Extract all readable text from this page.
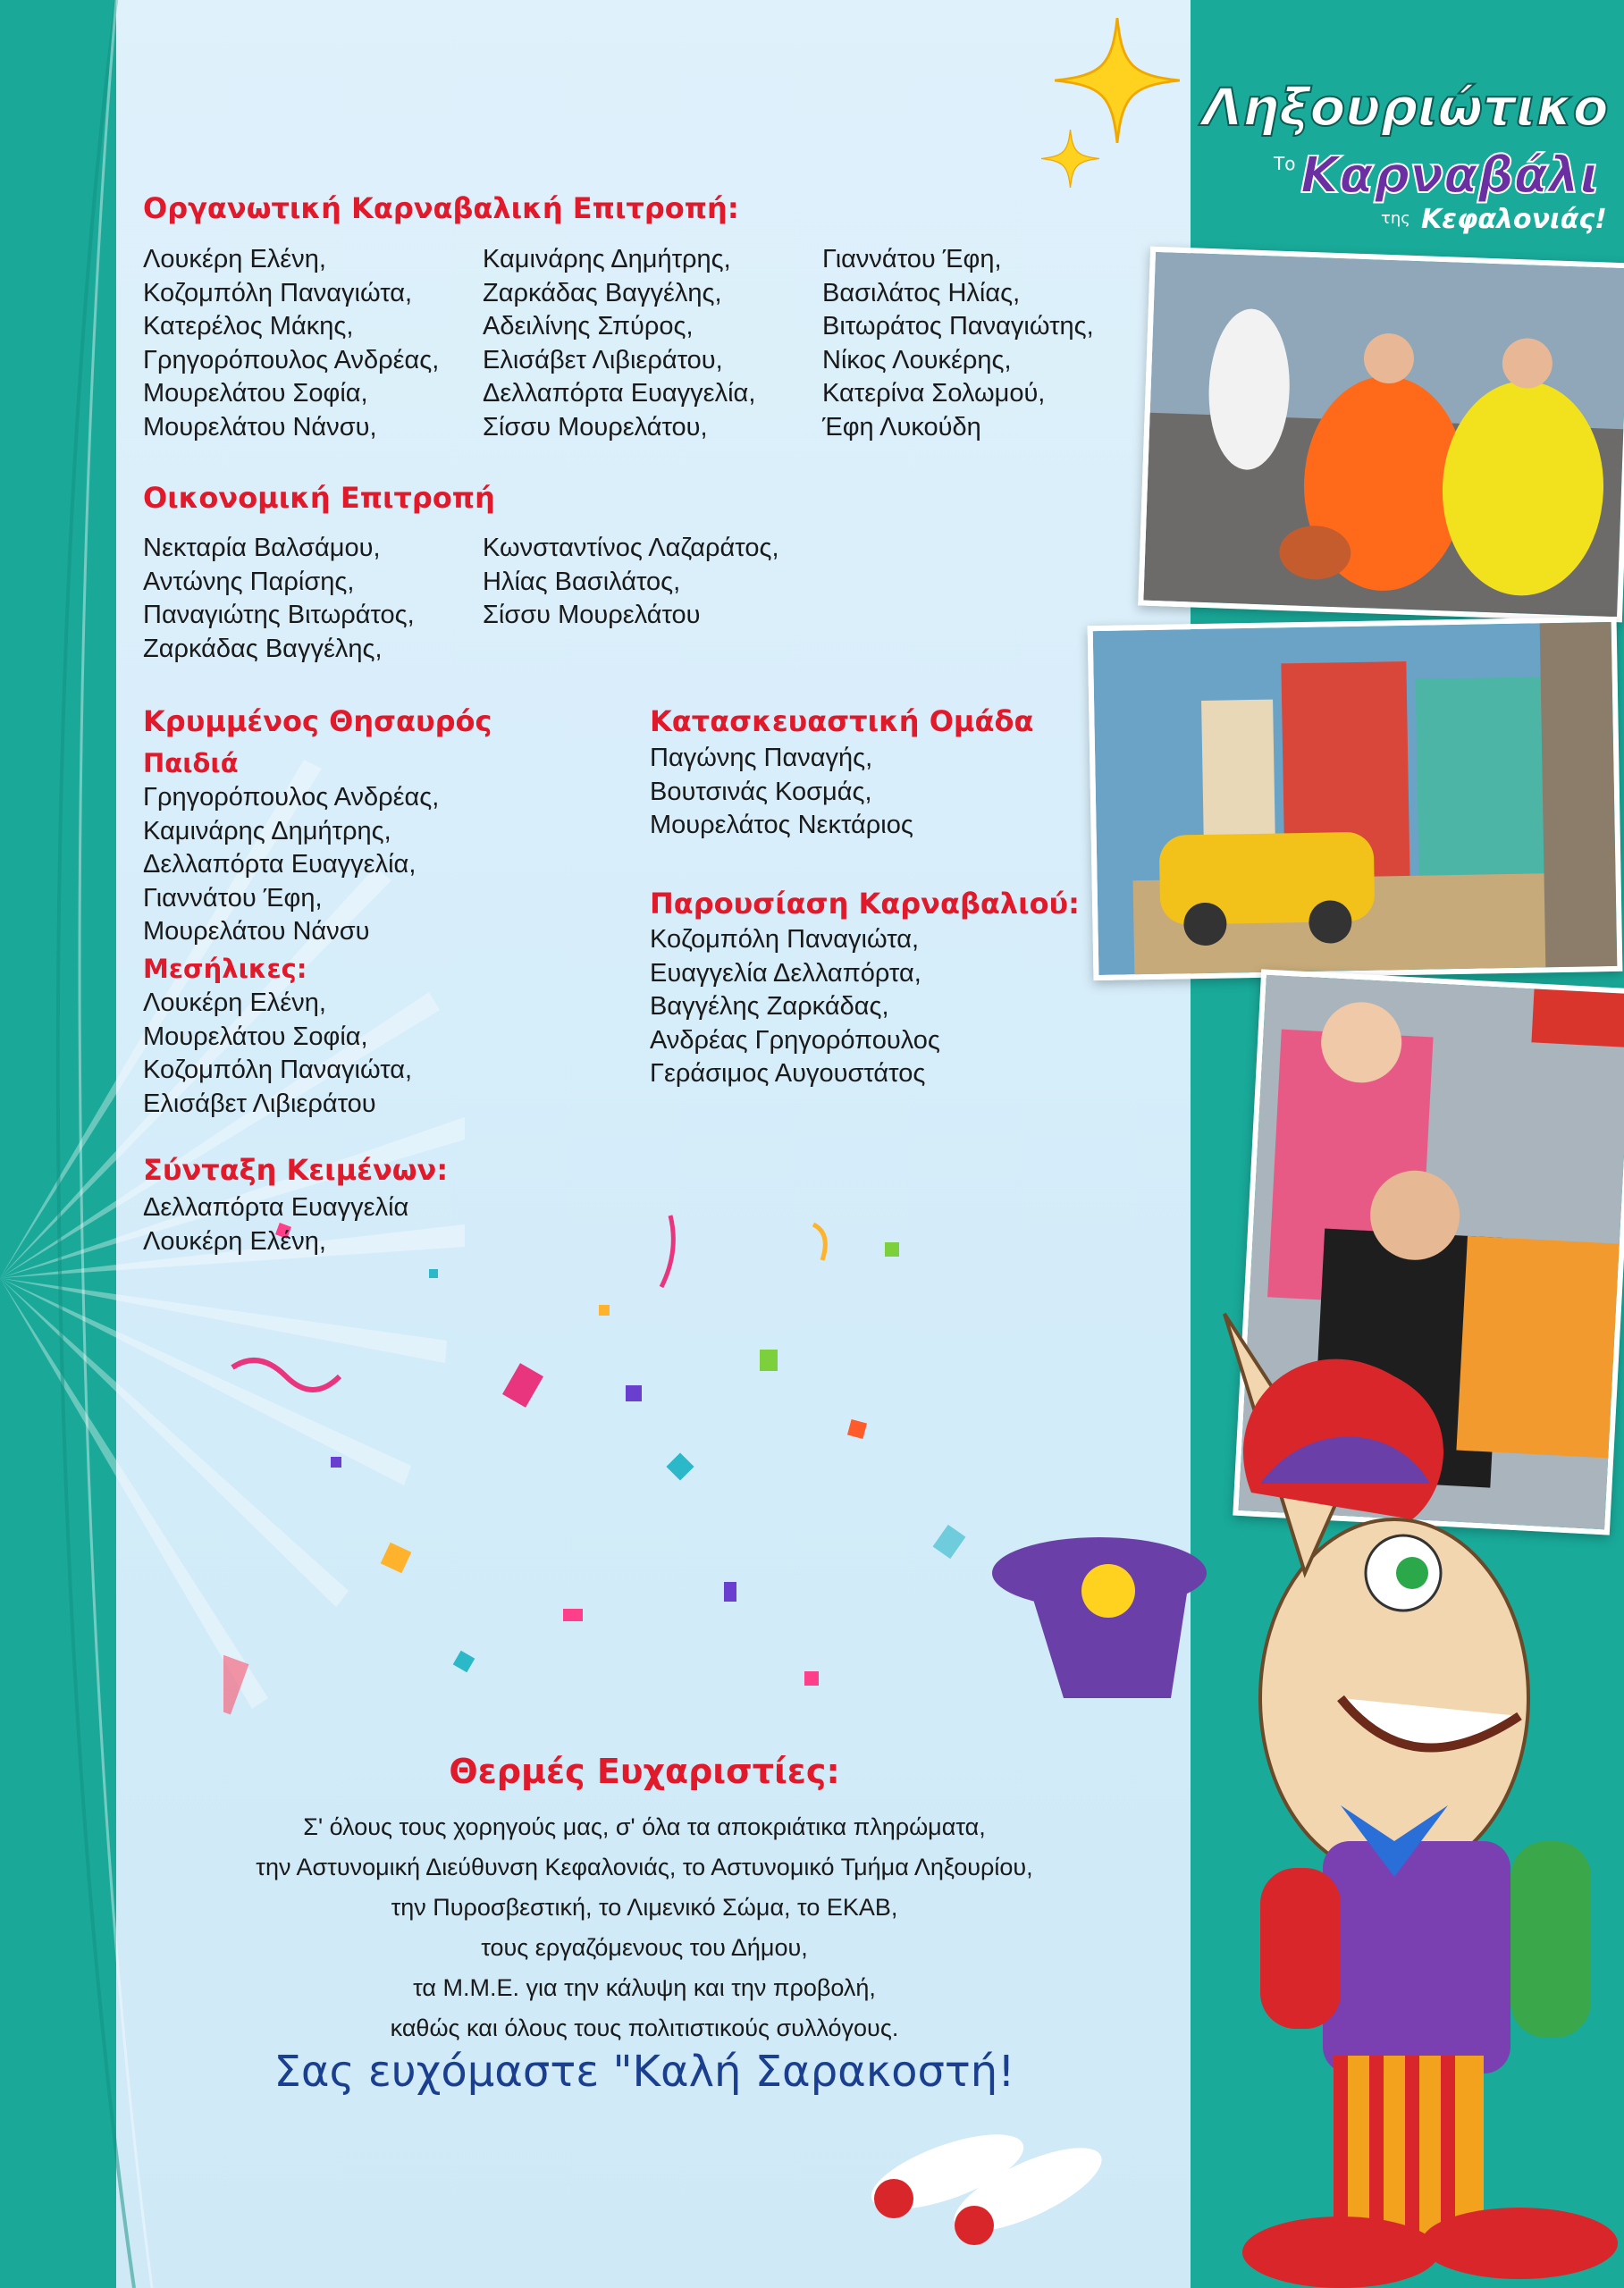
Ληξουριώτικο
Το Καρναβάλι
της Κεφαλονιάς!
Οργανωτική Καρναβαλική Επιτροπή:
Λουκέρη Ελένη,
Κοζομπόλη Παναγιώτα,
Κατερέλος Μάκης,
Γρηγορόπουλος Ανδρέας,
Μουρελάτου Σοφία,
Μουρελάτου Νάνσυ,
Καμινάρης Δημήτρης,
Ζαρκάδας Βαγγέλης,
Αδειλίνης Σπύρος,
Ελισάβετ Λιβιεράτου,
Δελλαπόρτα Ευαγγελία,
Σίσσυ Μουρελάτου,
Γιαννάτου Έφη,
Βασιλάτος Ηλίας,
Βιτωράτος Παναγιώτης,
Νίκος Λουκέρης,
Κατερίνα Σολωμού,
Έφη Λυκούδη
Οικονομική Επιτροπή
Νεκταρία Βαλσάμου,
Αντώνης Παρίσης,
Παναγιώτης Βιτωράτος,
Ζαρκάδας Βαγγέλης,
Κωνσταντίνος Λαζαράτος,
Ηλίας Βασιλάτος,
Σίσσυ Μουρελάτου
Κρυμμένος Θησαυρός
Παιδιά
Γρηγορόπουλος Ανδρέας,
Καμινάρης Δημήτρης,
Δελλαπόρτα Ευαγγελία,
Γιαννάτου Έφη,
Μουρελάτου Νάνσυ
Μεσήλικες:
Λουκέρη Ελένη,
Μουρελάτου Σοφία,
Κοζομπόλη Παναγιώτα,
Ελισάβετ Λιβιεράτου
Σύνταξη Κειμένων:
Δελλαπόρτα Ευαγγελία
Λουκέρη Ελένη,
Κατασκευαστική Ομάδα
Παγώνης Παναγής,
Βουτσινάς Κοσμάς,
Μουρελάτος Νεκτάριος
Παρουσίαση Καρναβαλιού:
Κοζομπόλη Παναγιώτα,
Ευαγγελία Δελλαπόρτα,
Βαγγέλης Ζαρκάδας,
Ανδρέας Γρηγορόπουλος
Γεράσιμος Αυγουστάτος
Θερμές Ευχαριστίες:
Σ' όλους τους χορηγούς μας, σ' όλα τα αποκριάτικα πληρώματα,
την Αστυνομική Διεύθυνση Κεφαλονιάς, το Αστυνομικό Τμήμα Ληξουρίου,
την Πυροσβεστική, το Λιμενικό Σώμα, το ΕΚΑΒ,
τους εργαζόμενους του Δήμου,
τα Μ.Μ.Ε. για την κάλυψη και την προβολή,
καθώς και όλους τους πολιτιστικούς συλλόγους.
Σας ευχόμαστε "Καλή Σαρακοστή!
